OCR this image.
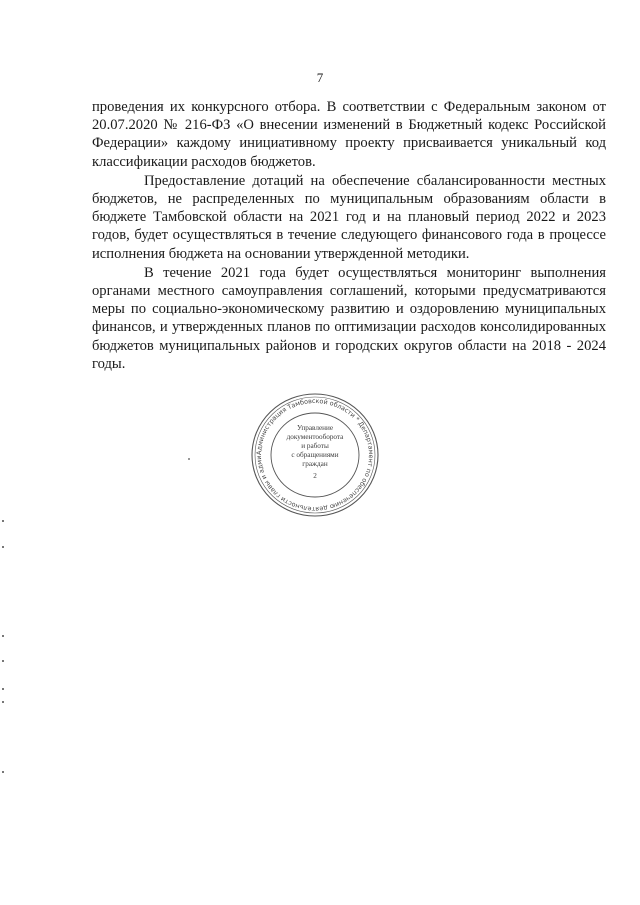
7

проведения их конкурсного отбора. В соответствии с Федеральным законом от 20.07.2020 № 216-ФЗ «О внесении изменений в Бюджетный кодекс Российской Федерации» каждому инициативному проекту присваивается уникальный код классификации расходов бюджетов.

Предоставление дотаций на обеспечение сбалансированности местных бюджетов, не распределенных по муниципальным образованиям области в бюджете Тамбовской области на 2021 год и на плановый период 2022 и 2023 годов, будет осуществляться в течение следующего финансового года в процессе исполнения бюджета на основании утвержденной методики.

В течение 2021 года будет осуществляться мониторинг выполнения органами местного самоуправления соглашений, которыми предусматриваются меры по социально-экономическому развитию и оздоровлению муниципальных финансов, и утвержденных планов по оптимизации расходов консолидированных бюджетов муниципальных районов и городских округов области на 2018 - 2024 годы.

Администрация Тамбовской области * Департамент по обеспечению деятельности главы и администрации области *
Управление
документооборота
и работы
с обращениями
граждан
2
